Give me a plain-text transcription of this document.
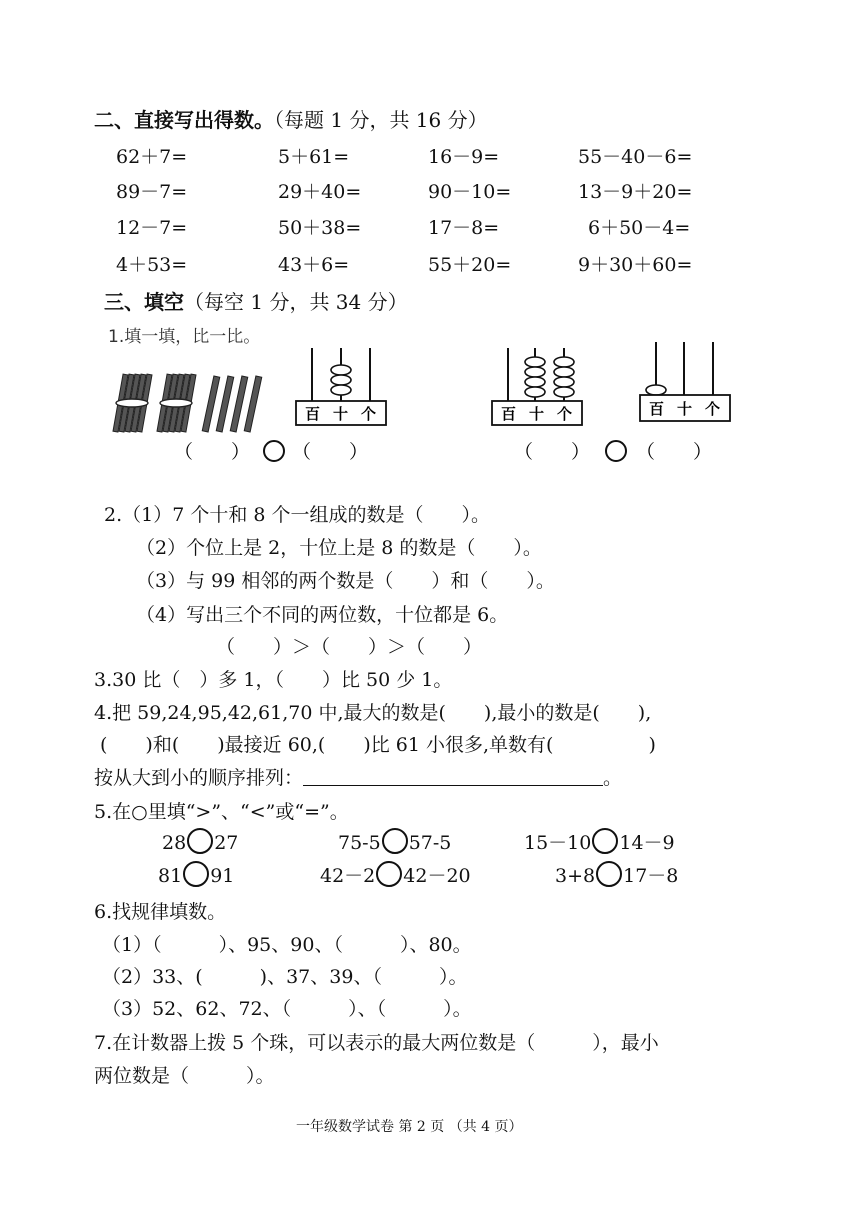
二、直接写出得数。（每题 1 分，共 16 分）
62＋7=	5＋61=	16－9=	55－40－6=
89－7=	29＋40=	90－10=	13－9＋20=
12－7=	50＋38=	17－8=	6＋50－4=
4＋53=	43＋6=	55＋20=	9＋30＋60=
三、填空（每空 1 分，共 34 分）
1.填一填，比一比。
百 十 个
（　　） （　　）
百 十 个	百 十 个
（　　） （　　）
2.（1）7 个十和 8 个一组成的数是（　　）。
（2）个位上是 2，十位上是 8 的数是（　　）。
（3）与 99 相邻的两个数是（　　）和（　　）。
（4）写出三个不同的两位数，十位都是 6。
（　　）＞（　　）＞（　　）
3.30 比（　）多 1，（　　）比 50 少 1。
4.把 59,24,95,42,61,70 中,最大的数是(　　),最小的数是(　　),
(　　)和(　　)最接近 60,(　　)比 61 小很多,单数有(　　　　　)
按从大到小的顺序排列：	。
5.在○里填“>”、“<”或“=”。
28 27	75-5 57-5	15－10 14－9
81 91	42－2 42－20	3+8 17－8
6.找规律填数。
（1）（　　　）、95、90、（　　　）、80。
（2）33、(　　　)、37、39、（　　　）。
（3）52、62、72、（　　　）、（　　　）。
7.在计数器上拨 5 个珠，可以表示的最大两位数是（　　　），最小
两位数是（　　　）。
一年级数学试卷 第 2 页 （共 4 页）
